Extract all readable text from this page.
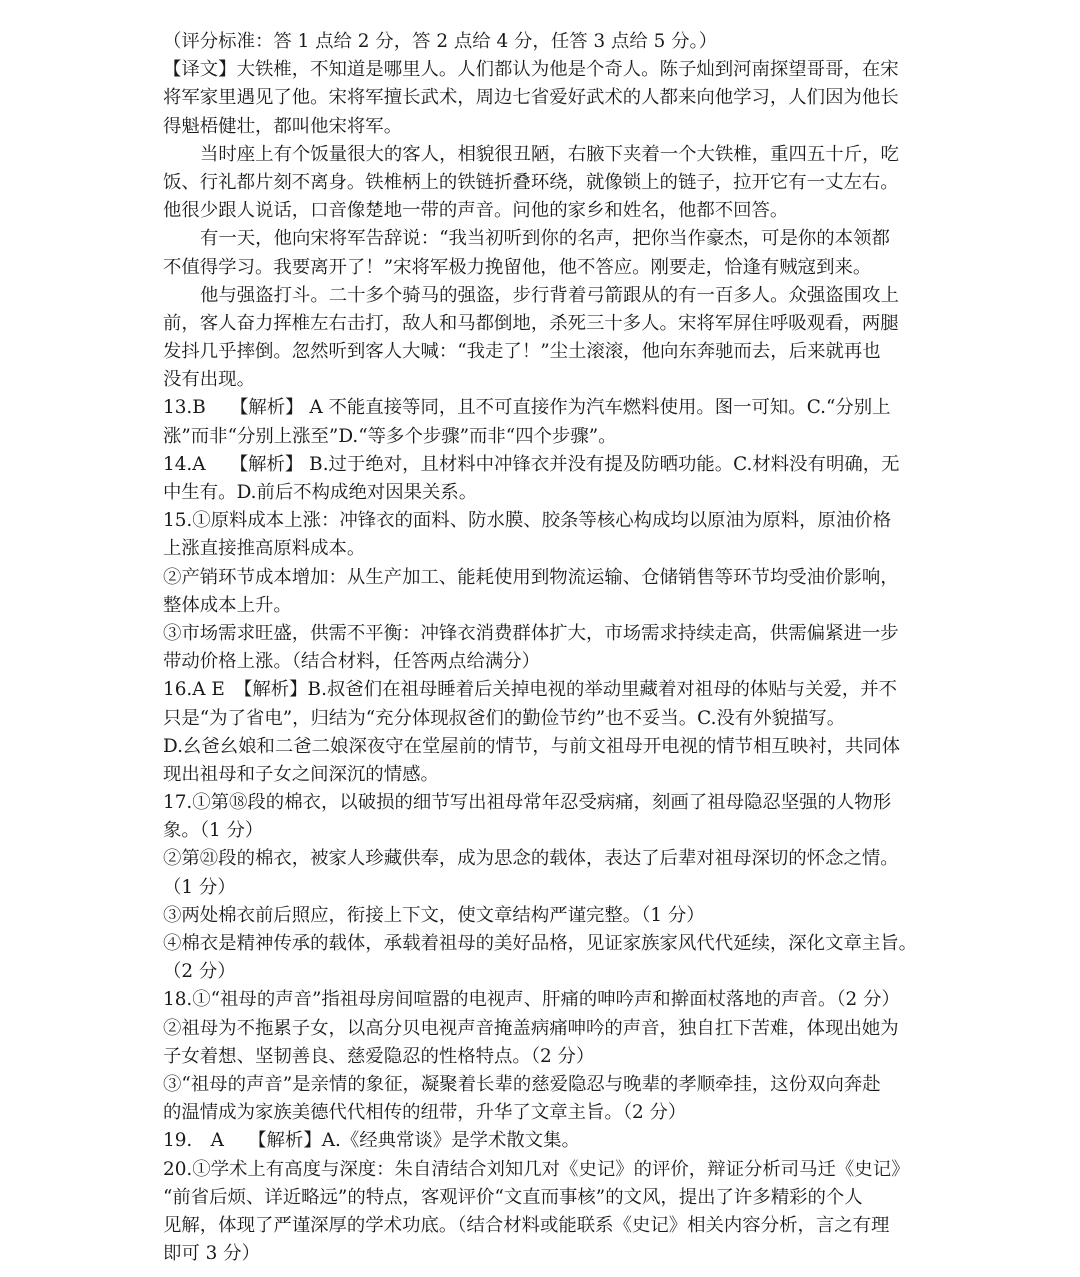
（评分标准：答 1 点给 2 分，答 2 点给 4 分，任答 3 点给 5 分。）
【译文】大铁椎，不知道是哪里人。人们都认为他是个奇人。陈子灿到河南探望哥哥，在宋
将军家里遇见了他。宋将军擅长武术，周边七省爱好武术的人都来向他学习，人们因为他长
得魁梧健壮，都叫他宋将军。
当时座上有个饭量很大的客人，相貌很丑陋，右腋下夹着一个大铁椎，重四五十斤，吃
饭、行礼都片刻不离身。铁椎柄上的铁链折叠环绕，就像锁上的链子，拉开它有一丈左右。
他很少跟人说话，口音像楚地一带的声音。问他的家乡和姓名，他都不回答。
有一天，他向宋将军告辞说：“我当初听到你的名声，把你当作豪杰，可是你的本领都
不值得学习。我要离开了！”宋将军极力挽留他，他不答应。刚要走，恰逢有贼寇到来。
他与强盗打斗。二十多个骑马的强盗，步行背着弓箭跟从的有一百多人。众强盗围攻上
前，客人奋力挥椎左右击打，敌人和马都倒地，杀死三十多人。宋将军屏住呼吸观看，两腿
发抖几乎摔倒。忽然听到客人大喊：“我走了！”尘土滚滚，他向东奔驰而去，后来就再也
没有出现。
13.B　 【解析】 A 不能直接等同，且不可直接作为汽车燃料使用。图一可知。C.“分别上
涨”而非“分别上涨至”D.“等多个步骤”而非“四个步骤”。
14.A　 【解析】 B.过于绝对，且材料中冲锋衣并没有提及防晒功能。C.材料没有明确，无
中生有。D.前后不构成绝对因果关系。
15.①原料成本上涨：冲锋衣的面料、防水膜、胶条等核心构成均以原油为原料，原油价格
上涨直接推高原料成本。
②产销环节成本增加：从生产加工、能耗使用到物流运输、仓储销售等环节均受油价影响，
整体成本上升。
③市场需求旺盛，供需不平衡：冲锋衣消费群体扩大，市场需求持续走高，供需偏紧进一步
带动价格上涨。（结合材料，任答两点给满分）
16.A E　【解析】B.叔爸们在祖母睡着后关掉电视的举动里藏着对祖母的体贴与关爱，并不
只是“为了省电”，归结为“充分体现叔爸们的勤俭节约”也不妥当。C.没有外貌描写。
D.幺爸幺娘和二爸二娘深夜守在堂屋前的情节，与前文祖母开电视的情节相互映衬，共同体
现出祖母和子女之间深沉的情感。
17.①第⑱段的棉衣，以破损的细节写出祖母常年忍受病痛，刻画了祖母隐忍坚强的人物形
象。（1 分）
②第㉑段的棉衣，被家人珍藏供奉，成为思念的载体，表达了后辈对祖母深切的怀念之情。
（1 分）
③两处棉衣前后照应，衔接上下文，使文章结构严谨完整。（1 分）
④棉衣是精神传承的载体，承载着祖母的美好品格，见证家族家风代代延续，深化文章主旨。
（2 分）
18.①“祖母的声音”指祖母房间喧嚣的电视声、肝痛的呻吟声和擀面杖落地的声音。（2 分）
②祖母为不拖累子女，以高分贝电视声音掩盖病痛呻吟的声音，独自扛下苦难，体现出她为
子女着想、坚韧善良、慈爱隐忍的性格特点。（2 分）
③“祖母的声音”是亲情的象征，凝聚着长辈的慈爱隐忍与晚辈的孝顺牵挂，这份双向奔赴
的温情成为家族美德代代相传的纽带，升华了文章主旨。（2 分）
19.　A　 【解析】A.《经典常谈》是学术散文集。
20.①学术上有高度与深度：朱自清结合刘知几对《史记》的评价，辩证分析司马迁《史记》
“前省后烦、详近略远”的特点，客观评价“文直而事核”的文风，提出了许多精彩的个人
见解，体现了严谨深厚的学术功底。（结合材料或能联系《史记》相关内容分析，言之有理
即可 3 分）
